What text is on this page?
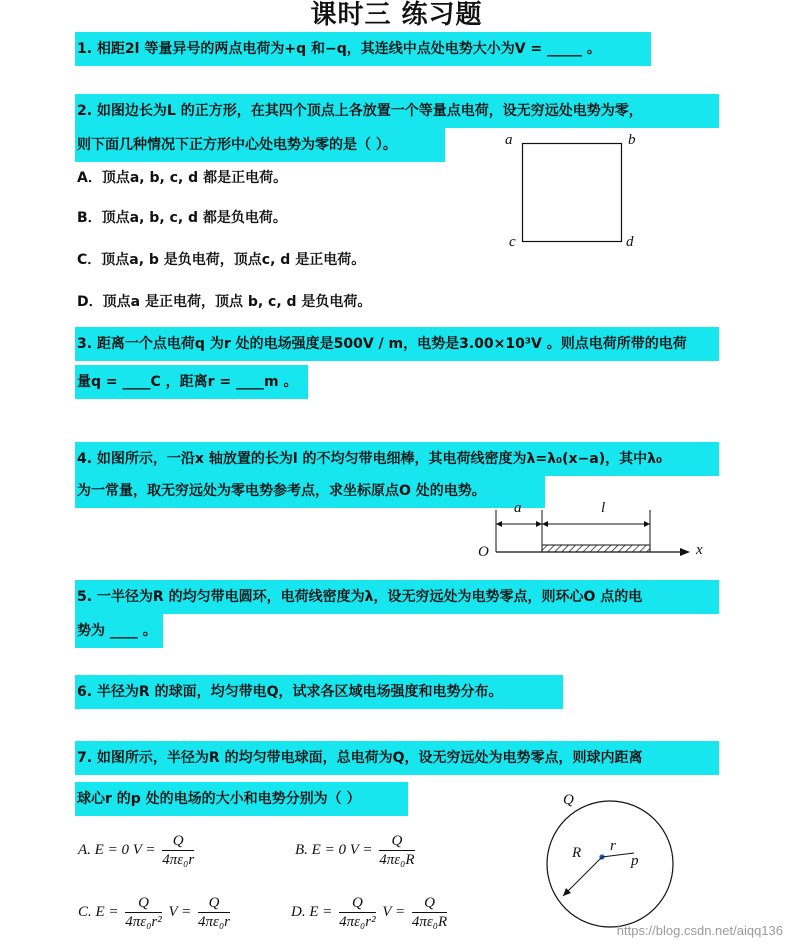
课时三 练习题
1. 相距2l 等量异号的两点电荷为+q 和−q，其连线中点处电势大小为V = _____ 。
2. 如图边长为L 的正方形，在其四个顶点上各放置一个等量点电荷，设无穷远处电势为零，
则下面几种情况下正方形中心处电势为零的是（ ）。
A．顶点a, b, c, d 都是正电荷。
B．顶点a, b, c, d 都是负电荷。
C．顶点a, b 是负电荷，顶点c, d 是正电荷。
D．顶点a 是正电荷，顶点 b, c, d 是负电荷。
a	b
c	d
3. 距离一个点电荷q 为r 处的电场强度是500V / m，电势是3.00×10³V 。则点电荷所带的电荷
量q = ____C ，距离r = ____m 。
4. 如图所示，一沿x 轴放置的长为l 的不均匀带电细棒，其电荷线密度为λ=λ₀(x−a)，其中λ₀
为一常量，取无穷远处为零电势参考点，求坐标原点O 处的电势。
a	l
O	x
5. 一半径为R 的均匀带电圆环，电荷线密度为λ，设无穷远处为电势零点，则环心O 点的电
势为 ____ 。
6. 半径为R 的球面，均匀带电Q，试求各区域电场强度和电势分布。
7. 如图所示，半径为R 的均匀带电球面，总电荷为Q，设无穷远处为电势零点，则球内距离
球心r 的p 处的电场的大小和电势分别为（ ）
A. E = 0 $V = \frac{Q}{\text{4πε₀r}}$	B. E = 0 $V = \frac{Q}{\text{4πε₀R}}$
C. $E = \frac{Q}{\text{4πε₀r²}}$ $V = \frac{Q}{\text{4πε₀r}}$	D. $E = \frac{Q}{\text{4πε₀r²}}$ $V = \frac{Q}{\text{4πε₀R}}$
Q
R r
p
https://blog.csdn.net/aiqq136
